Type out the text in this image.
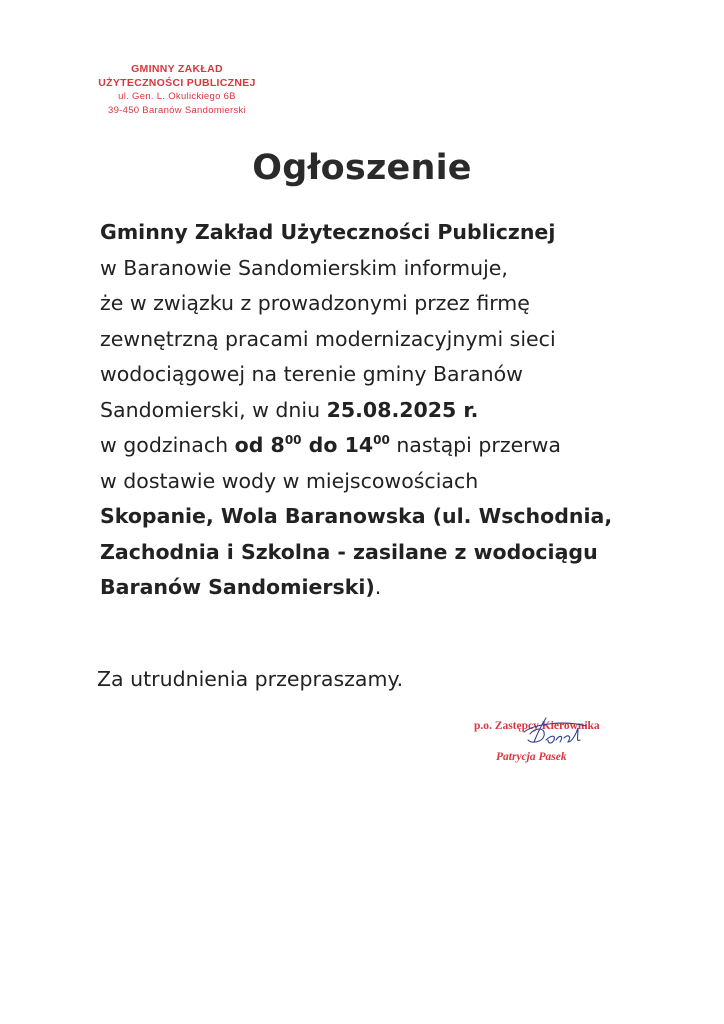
GMINNY ZAKŁAD
UŻYTECZNOŚCI PUBLICZNEJ
ul. Gen. L. Okulickiego 6B
39-450 Baranów Sandomierski
Ogłoszenie
Gminny Zakład Użyteczności Publicznej
w Baranowie Sandomierskim informuje,
że w związku z prowadzonymi przez firmę
zewnętrzną pracami modernizacyjnymi sieci
wodociągowej na terenie gminy Baranów
Sandomierski, w dniu 25.08.2025 r.
w godzinach od $8^{00}$ do $14^{00}$ nastąpi przerwa
w dostawie wody w miejscowościach
Skopanie, Wola Baranowska (ul. Wschodnia,
Zachodnia i Szkolna - zasilane z wodociągu
Baranów Sandomierski).
Za utrudnienia przepraszamy.
p.o. Zastępcy Kierownika
Patrycja Pasek
